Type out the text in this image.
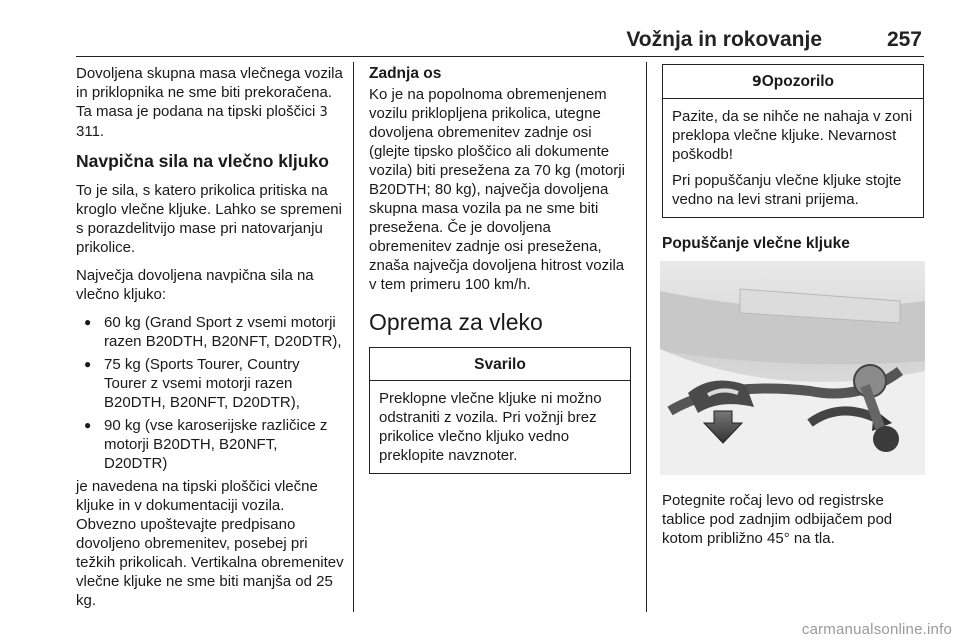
Vožnja in rokovanje	257

Dovoljena skupna masa vlečnega vozila in priklopnika ne sme biti prekoračena. Ta masa je podana na tipski ploščici 3 311.

Navpična sila na vlečno kljuko

To je sila, s katero prikolica pritiska na kroglo vlečne kljuke. Lahko se spremeni s porazdelitvijo mase pri natovarjanju prikolice.

Največja dovoljena navpična sila na vlečno kljuko:

● 60 kg (Grand Sport z vsemi motorji razen B20DTH, B20NFT, D20DTR),
● 75 kg (Sports Tourer, Country Tourer z vsemi motorji razen B20DTH, B20NFT, D20DTR),
● 90 kg (vse karoserijske različice z motorji B20DTH, B20NFT, D20DTR)

je navedena na tipski ploščici vlečne kljuke in v dokumentaciji vozila. Obvezno upoštevajte predpisano dovoljeno obremenitev, posebej pri težkih prikolicah. Vertikalna obremenitev vlečne kljuke ne sme biti manjša od 25 kg.

Zadnja os

Ko je na popolnoma obremenjenem vozilu priklopljena prikolica, utegne dovoljena obremenitev zadnje osi (glejte tipsko ploščico ali dokumente vozila) biti presežena za 70 kg (motorji B20DTH; 80 kg), največja dovoljena skupna masa vozila pa ne sme biti presežena. Če je dovoljena obremenitev zadnje osi presežena, znaša največja dovoljena hitrost vozila v tem primeru 100 km/h.

Oprema za vleko
Svarilo

Preklopne vlečne kljuke ni možno odstraniti z vozila. Pri vožnji brez prikolice vlečno kljuko vedno preklopite navznoter.

9Opozorilo

Pazite, da se nihče ne nahaja v zoni preklopa vlečne kljuke. Nevarnost poškodb!

Pri popuščanju vlečne kljuke stojte vedno na levi strani prijema.

Popuščanje vlečne kljuke

Potegnite ročaj levo od registrske tablice pod zadnjim odbijačem pod kotom približno 45° na tla.

carmanualsonline.info
